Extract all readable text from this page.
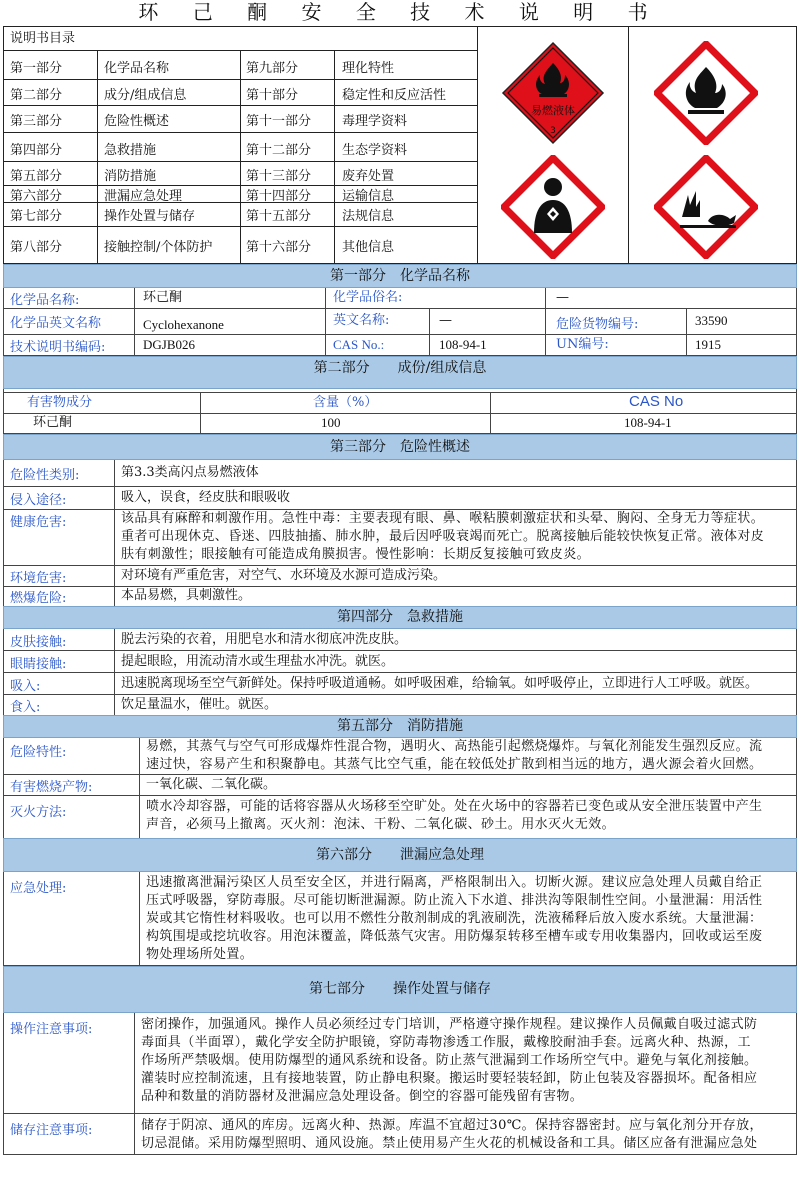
环 己 酮 安 全 技 术 说 明 书
说明书目录
第一部分	化学品名称	第九部分	理化特性
第二部分	成分/组成信息	第十部分	稳定性和反应活性
第三部分	危险性概述	第十一部分 毒理学资料
第四部分	急救措施	第十二部分 生态学资料
第五部分	消防措施	第十三部分 废弃处置
第六部分	泄漏应急处理	第十四部分 运输信息
第七部分	操作处置与储存	第十五部分 法规信息
第八部分	接触控制/个体防护	第十六部分 其他信息
易燃液体
3
第一部分　化学品名称
化学品名称:	环己酮	化学品俗名:	—
化学品英文名称	Cyclohexanone	英文名称:	—	危险货物编号:	33590
技术说明书编码:	DGJB026	CAS No.:	108-94-1	UN编号:	1915
第二部分　　成份/组成信息
有害物成分	含量（%）	CAS No
环己酮	100	108-94-1
第三部分　危险性概述
危险性类别:	第3.3类高闪点易燃液体
侵入途径:	吸入，误食，经皮肤和眼吸收
健康危害:	该品具有麻醉和刺激作用。急性中毒：主要表现有眼、鼻、喉粘膜刺激症状和头晕、胸闷、全身无力等症状。
重者可出现休克、昏迷、四肢抽搐、肺水肿，最后因呼吸衰竭而死亡。脱离接触后能较快恢复正常。液体对皮
肤有刺激性；眼接触有可能造成角膜损害。慢性影响：长期反复接触可致皮炎。
环境危害:	对环境有严重危害，对空气、水环境及水源可造成污染。
燃爆危险:	本品易燃，具刺激性。
第四部分　急救措施
皮肤接触:	脱去污染的衣着，用肥皂水和清水彻底冲洗皮肤。
眼睛接触:	提起眼睑，用流动清水或生理盐水冲洗。就医。
吸入:	迅速脱离现场至空气新鲜处。保持呼吸道通畅。如呼吸困难，给输氧。如呼吸停止，立即进行人工呼吸。就医。
食入:	饮足量温水，催吐。就医。
第五部分　消防措施
危险特性:	易燃，其蒸气与空气可形成爆炸性混合物，遇明火、高热能引起燃烧爆炸。与氧化剂能发生强烈反应。流
速过快，容易产生和积聚静电。其蒸气比空气重，能在较低处扩散到相当远的地方，遇火源会着火回燃。
有害燃烧产物:	一氧化碳、二氧化碳。
灭火方法:	喷水冷却容器，可能的话将容器从火场移至空旷处。处在火场中的容器若已变色或从安全泄压装置中产生
声音，必须马上撤离。灭火剂：泡沫、干粉、二氧化碳、砂土。用水灭火无效。
第六部分　　泄漏应急处理
应急处理:	迅速撤离泄漏污染区人员至安全区，并进行隔离，严格限制出入。切断火源。建议应急处理人员戴自给正
压式呼吸器，穿防毒服。尽可能切断泄漏源。防止流入下水道、排洪沟等限制性空间。小量泄漏：用活性
炭或其它惰性材料吸收。也可以用不燃性分散剂制成的乳液刷洗，洗液稀释后放入废水系统。大量泄漏：
构筑围堤或挖坑收容。用泡沫覆盖，降低蒸气灾害。用防爆泵转移至槽车或专用收集器内，回收或运至废
物处理场所处置。
第七部分　　操作处置与储存
操作注意事项:	密闭操作，加强通风。操作人员必须经过专门培训，严格遵守操作规程。建议操作人员佩戴自吸过滤式防
毒面具（半面罩），戴化学安全防护眼镜，穿防毒物渗透工作服，戴橡胶耐油手套。远离火种、热源，工
作场所严禁吸烟。使用防爆型的通风系统和设备。防止蒸气泄漏到工作场所空气中。避免与氧化剂接触。
灌装时应控制流速，且有接地装置，防止静电积聚。搬运时要轻装轻卸，防止包装及容器损坏。配备相应
品种和数量的消防器材及泄漏应急处理设备。倒空的容器可能残留有害物。
储存注意事项:	储存于阴凉、通风的库房。远离火种、热源。库温不宜超过30℃。保持容器密封。应与氧化剂分开存放，
切忌混储。采用防爆型照明、通风设施。禁止使用易产生火花的机械设备和工具。储区应备有泄漏应急处
